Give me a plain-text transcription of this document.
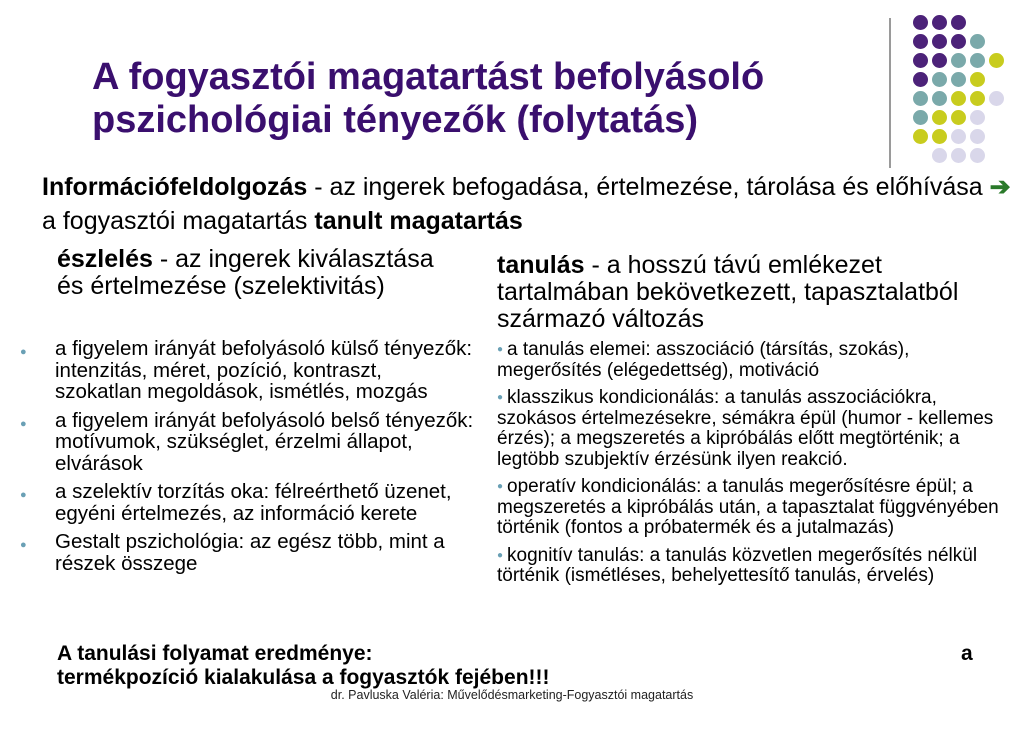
A fogyasztói magatartást befolyásoló pszichológiai tényezők (folytatás)
Információfeldolgozás - az ingerek befogadása, értelmezése, tárolása és előhívása ➔ a fogyasztói magatartás tanult magatartás
észlelés - az ingerek kiválasztása és értelmezése (szelektivitás)
● a figyelem irányát befolyásoló külső tényezők: intenzitás, méret, pozíció, kontraszt, szokatlan megoldások, ismétlés, mozgás
● a figyelem irányát befolyásoló belső tényezők: motívumok, szükséglet, érzelmi állapot, elvárások
● a szelektív torzítás oka: félreérthető üzenet, egyéni értelmezés, az információ kerete
● Gestalt pszichológia: az egész több, mint a részek összege
tanulás - a hosszú távú emlékezet tartalmában bekövetkezett, tapasztalatból származó változás
● a tanulás elemei: asszociáció (társítás, szokás), megerősítés (elégedettség), motiváció
● klasszikus kondicionálás: a tanulás asszociációkra, szokásos értelmezésekre, sémákra épül (humor - kellemes érzés); a megszeretés a kipróbálás előtt megtörténik; a legtöbb szubjektív érzésünk ilyen reakció.
● operatív kondicionálás: a tanulás megerősítésre épül; a megszeretés a kipróbálás után, a tapasztalat függvényében történik (fontos a próbatermék és a jutalmazás)
● kognitív tanulás: a tanulás közvetlen megerősítés nélkül történik (ismétléses, behelyettesítő tanulás, érvelés)
A tanulási folyamat eredménye:	a
termékpozíció kialakulása a fogyasztók fejében!!!
dr. Pavluska Valéria: Művelődésmarketing-Fogyasztói magatartás
